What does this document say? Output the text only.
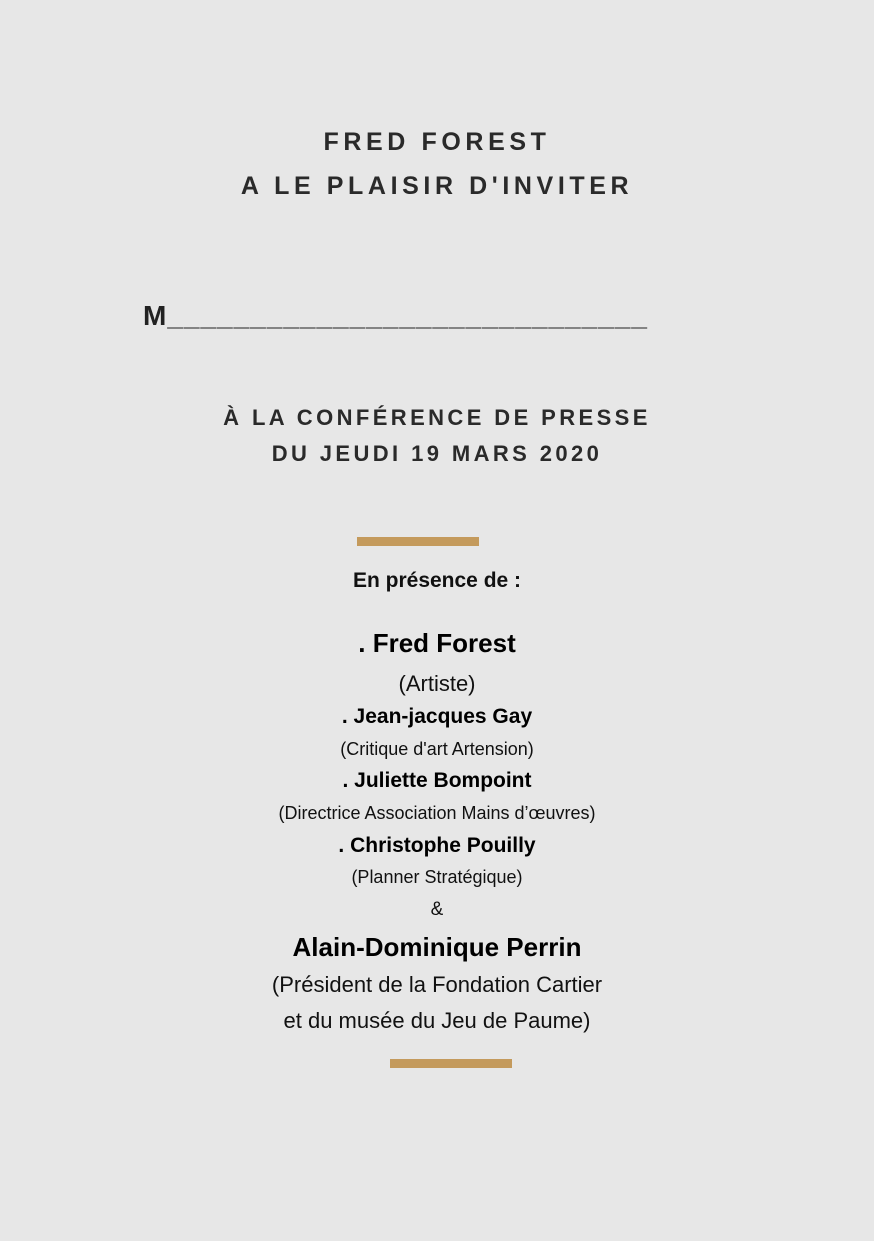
FRED FOREST
A LE PLAISIR D'INVITER
M_____________________________
À LA CONFÉRENCE DE PRESSE
DU JEUDI 19 MARS 2020
En présence de :
. Fred Forest
(Artiste)
. Jean-jacques Gay
(Critique d'art Artension)
. Juliette Bompoint
(Directrice Association Mains d’œuvres)
. Christophe Pouilly
(Planner Stratégique)
&
Alain-Dominique Perrin
(Président de la Fondation Cartier
et du musée du Jeu de Paume)
